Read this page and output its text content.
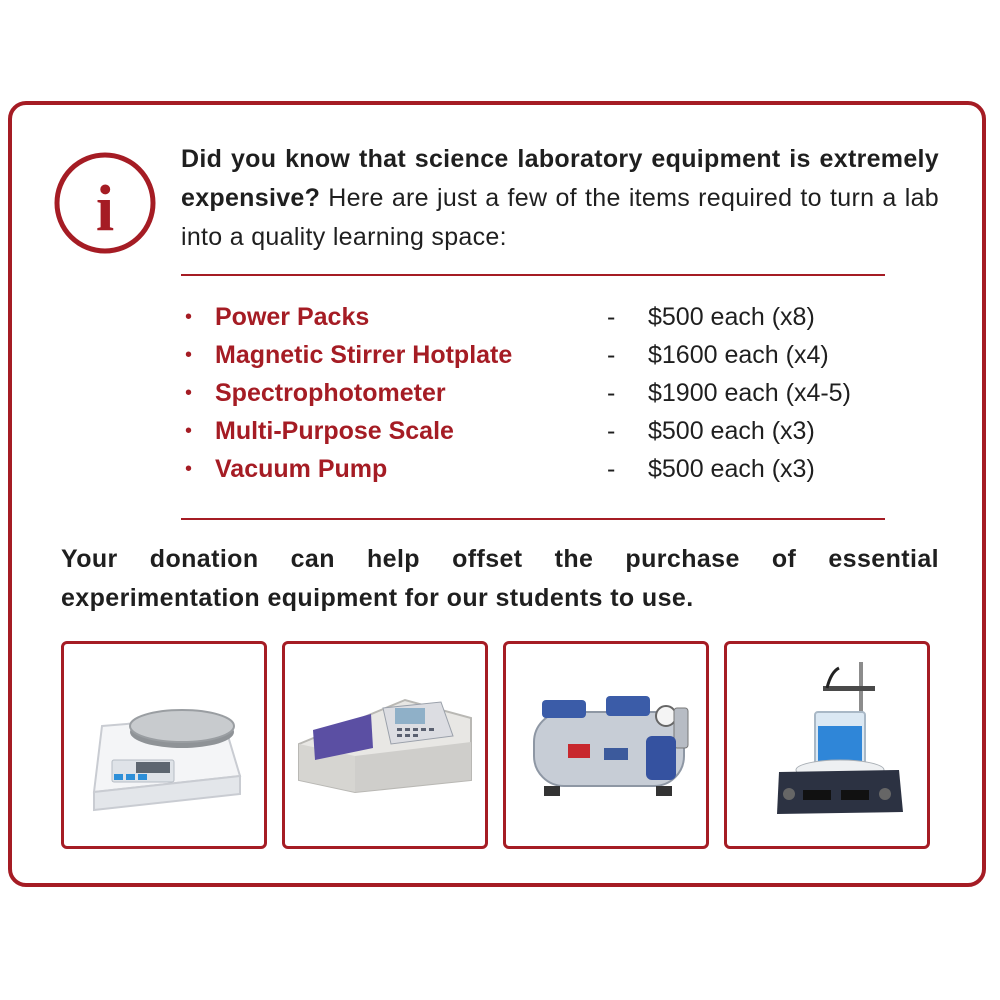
i
Did you know that science laboratory equipment is extremely expensive? Here are just a few of the items required to turn a lab into a quality learning space:
• Power Packs	- $500 each (x8)
• Magnetic Stirrer Hotplate	- $1600 each (x4)
• Spectrophotometer	- $1900 each (x4-5)
• Multi-Purpose Scale	- $500 each (x3)
• Vacuum Pump	- $500 each (x3)
Your donation can help offset the purchase of essential experimentation equipment for our students to use.
